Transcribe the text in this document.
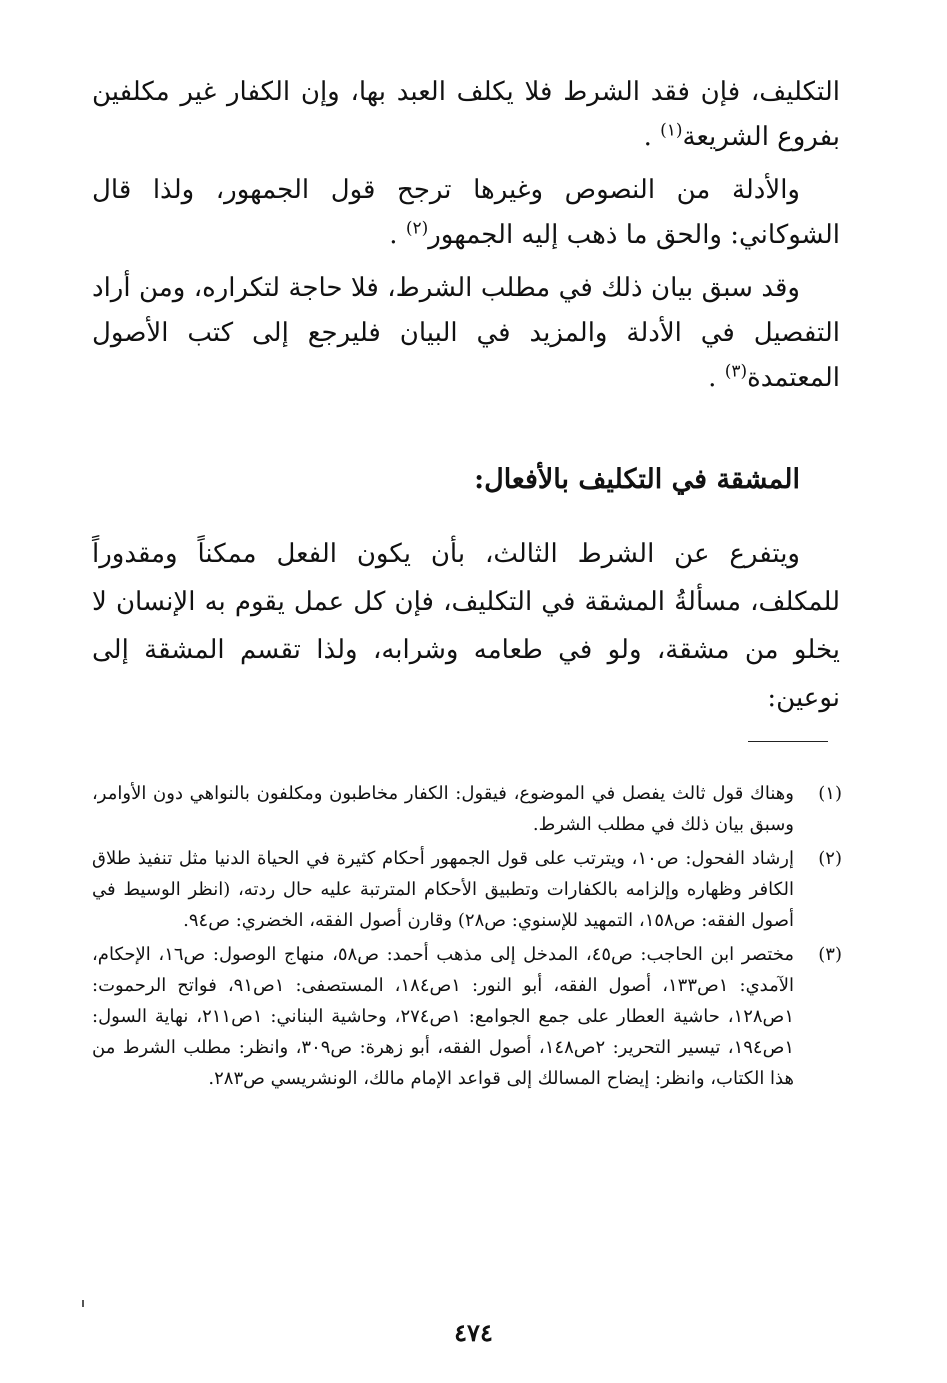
التكليف، فإن فقد الشرط فلا يكلف العبد بها، وإن الكفار غير مكلفين بفروع الشريعة$^{(١)}$ .

والأدلة من النصوص وغيرها ترجح قول الجمهور، ولذا قال الشوكاني: والحق ما ذهب إليه الجمهور$^{(٢)}$ .

وقد سبق بيان ذلك في مطلب الشرط، فلا حاجة لتكراره، ومن أراد التفصيل في الأدلة والمزيد في البيان فليرجع إلى كتب الأصول المعتمدة$^{(٣)}$ .

المشقة في التكليف بالأفعال:

ويتفرع عن الشرط الثالث، بأن يكون الفعل ممكناً ومقدوراً للمكلف، مسألةُ المشقة في التكليف، فإن كل عمل يقوم به الإنسان لا يخلو من مشقة، ولو في طعامه وشرابه، ولذا تقسم المشقة إلى نوعين:

(١)
وهناك قول ثالث يفصل في الموضوع، فيقول: الكفار مخاطبون ومكلفون بالنواهي دون الأوامر، وسبق بيان ذلك في مطلب الشرط.
(٢)
إرشاد الفحول: ص١٠، ويترتب على قول الجمهور أحكام كثيرة في الحياة الدنيا مثل تنفيذ طلاق الكافر وظهاره وإلزامه بالكفارات وتطبيق الأحكام المترتبة عليه حال ردته، (انظر الوسيط في أصول الفقه: ص١٥٨، التمهيد للإسنوي: ص٢٨) وقارن أصول الفقه، الخضري: ص٩٤.
(٣)
مختصر ابن الحاجب: ص٤٥، المدخل إلى مذهب أحمد: ص٥٨، منهاج الوصول: ص١٦، الإحكام، الآمدي: ١ص١٣٣، أصول الفقه، أبو النور: ١ص١٨٤، المستصفى: ١ص٩١، فواتح الرحموت: ١ص١٢٨، حاشية العطار على جمع الجوامع: ١ص٢٧٤، وحاشية البناني: ١ص٢١١، نهاية السول: ١ص١٩٤، تيسير التحرير: ٢ص١٤٨، أصول الفقه، أبو زهرة: ص٣٠٩، وانظر: مطلب الشرط من هذا الكتاب، وانظر: إيضاح المسالك إلى قواعد الإمام مالك، الونشريسي ص٢٨٣.
٤٧٤
